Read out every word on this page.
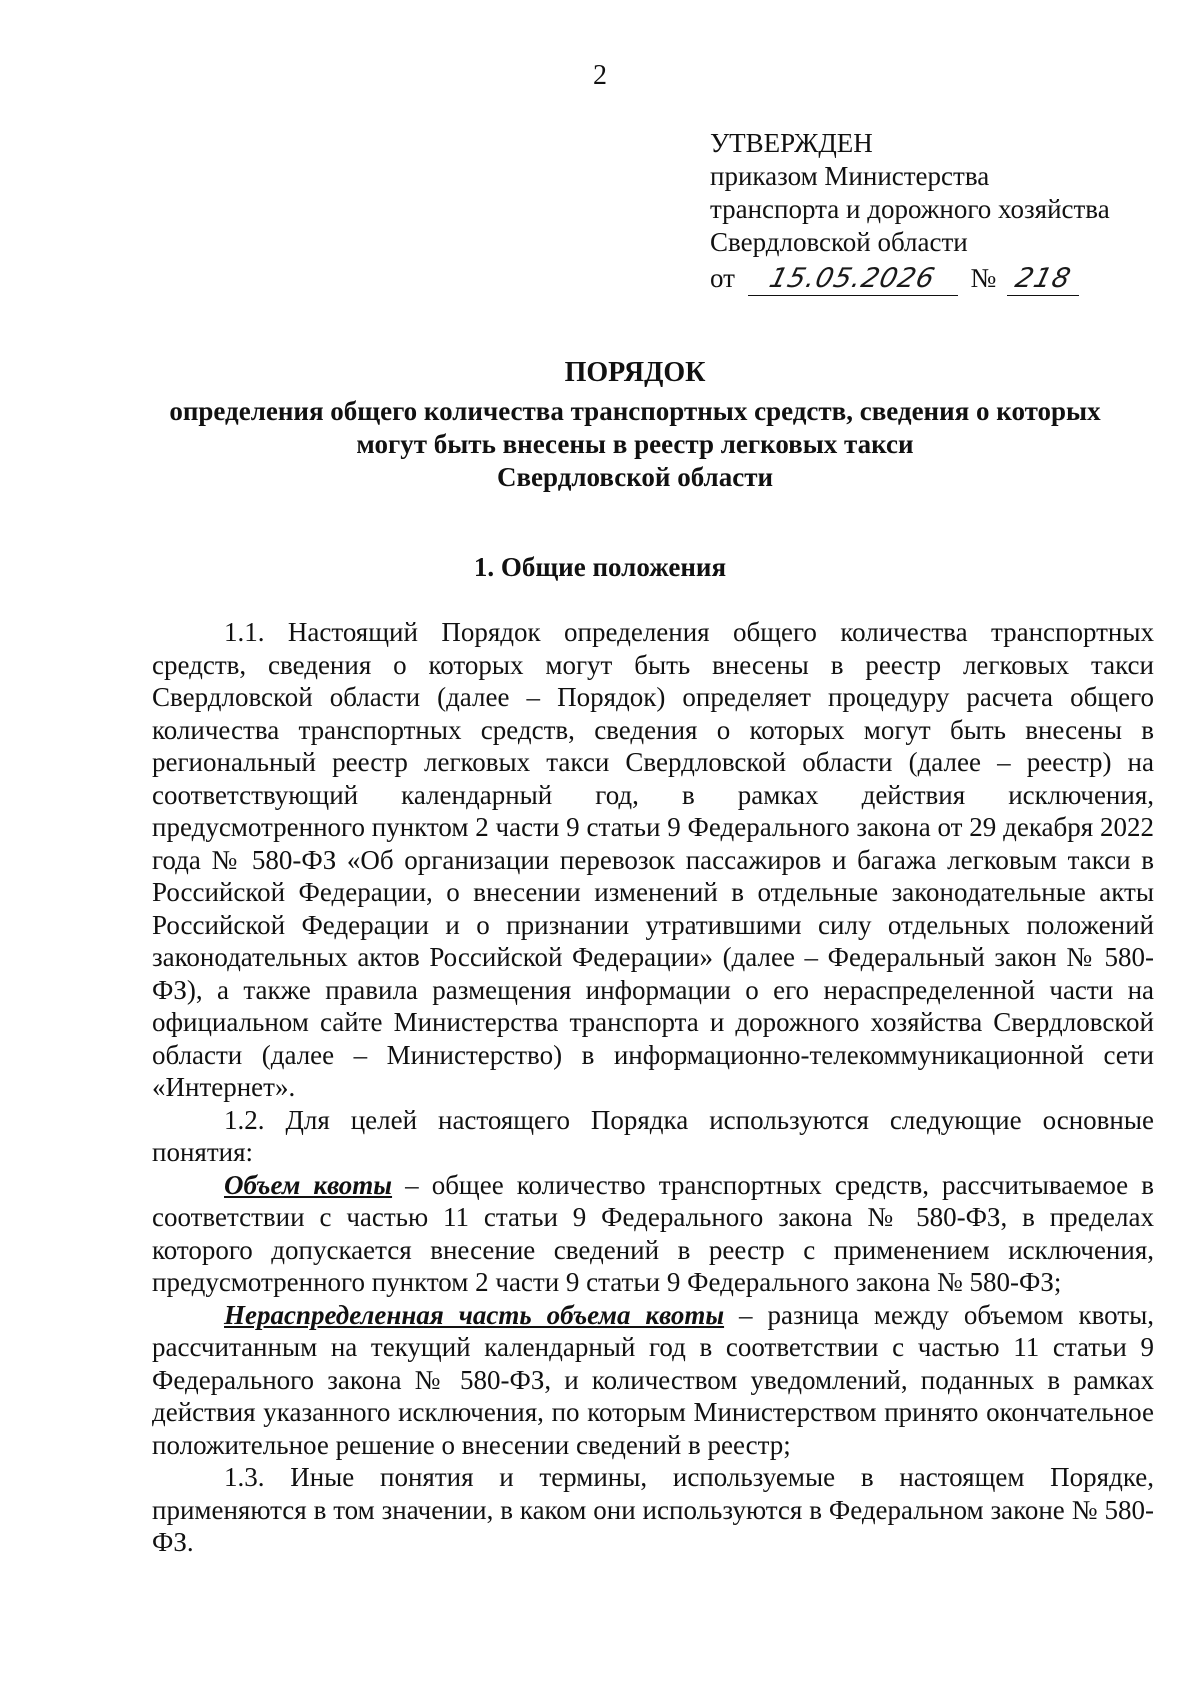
2
УТВЕРЖДЕН
приказом Министерства
транспорта и дорожного хозяйства
Свердловской области
от 15.05.2026 № 218
ПОРЯДОК
определения общего количества транспортных средств, сведения о которых
могут быть внесены в реестр легковых такси
Свердловской области
1. Общие положения

1.1. Настоящий Порядок определения общего количества транспортных средств, сведения о которых могут быть внесены в реестр легковых такси Свердловской области (далее – Порядок) определяет процедуру расчета общего количества транспортных средств, сведения о которых могут быть внесены в региональный реестр легковых такси Свердловской области (далее – реестр) на соответствующий календарный год, в рамках действия исключения, предусмотренного пунктом 2 части 9 статьи 9 Федерального закона от 29 декабря 2022 года № 580-ФЗ «Об организации перевозок пассажиров и багажа легковым такси в Российской Федерации, о внесении изменений в отдельные законодательные акты Российской Федерации и о признании утратившими силу отдельных положений законодательных актов Российской Федерации» (далее – Федеральный закон № 580-ФЗ), а также правила размещения информации о его нераспределенной части на официальном сайте Министерства транспорта и дорожного хозяйства Свердловской области (далее – Министерство) в информационно-телекоммуникационной сети «Интернет».

1.2. Для целей настоящего Порядка используются следующие основные понятия:

Объем квоты – общее количество транспортных средств, рассчитываемое в соответствии с частью 11 статьи 9 Федерального закона № 580-ФЗ, в пределах которого допускается внесение сведений в реестр с применением исключения, предусмотренного пунктом 2 части 9 статьи 9 Федерального закона № 580-ФЗ;

Нераспределенная часть объема квоты – разница между объемом квоты, рассчитанным на текущий календарный год в соответствии с частью 11 статьи 9 Федерального закона № 580-ФЗ, и количеством уведомлений, поданных в рамках действия указанного исключения, по которым Министерством принято окончательное положительное решение о внесении сведений в реестр;

1.3. Иные понятия и термины, используемые в настоящем Порядке, применяются в том значении, в каком они используются в Федеральном законе № 580-ФЗ.
